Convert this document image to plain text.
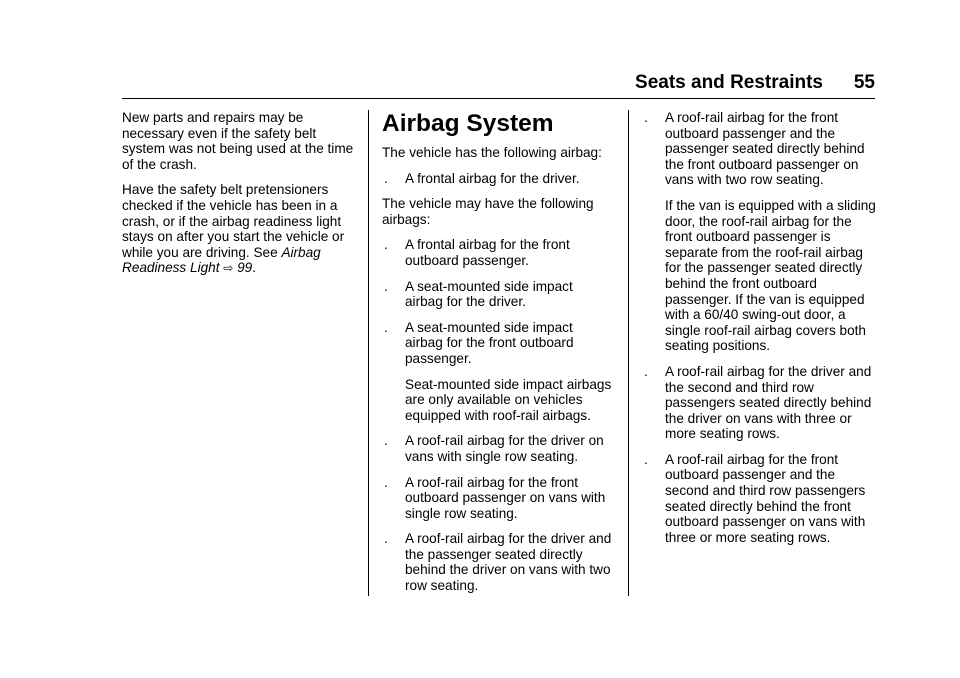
Seats and Restraints 55

New parts and repairs may be necessary even if the safety belt system was not being used at the time of the crash.

Have the safety belt pretensioners checked if the vehicle has been in a crash, or if the airbag readiness light stays on after you start the vehicle or while you are driving. See Airbag Readiness Light ⇨ 99.

Airbag System

The vehicle has the following airbag:

. A frontal airbag for the driver.

The vehicle may have the following airbags:

. A frontal airbag for the front outboard passenger.
. A seat-mounted side impact airbag for the driver.
. A seat-mounted side impact airbag for the front outboard passenger.
Seat-mounted side impact airbags are only available on vehicles equipped with roof-rail airbags.
. A roof-rail airbag for the driver on vans with single row seating.
. A roof-rail airbag for the front outboard passenger on vans with single row seating.
. A roof-rail airbag for the driver and the passenger seated directly behind the driver on vans with two row seating.
. A roof-rail airbag for the front outboard passenger and the passenger seated directly behind the front outboard passenger on vans with two row seating.
If the van is equipped with a sliding door, the roof-rail airbag for the front outboard passenger is separate from the roof-rail airbag for the passenger seated directly behind the front outboard passenger. If the van is equipped with a 60/40 swing-out door, a single roof-rail airbag covers both seating positions.
. A roof-rail airbag for the driver and the second and third row passengers seated directly behind the driver on vans with three or more seating rows.
. A roof-rail airbag for the front outboard passenger and the second and third row passengers seated directly behind the front outboard passenger on vans with three or more seating rows.
